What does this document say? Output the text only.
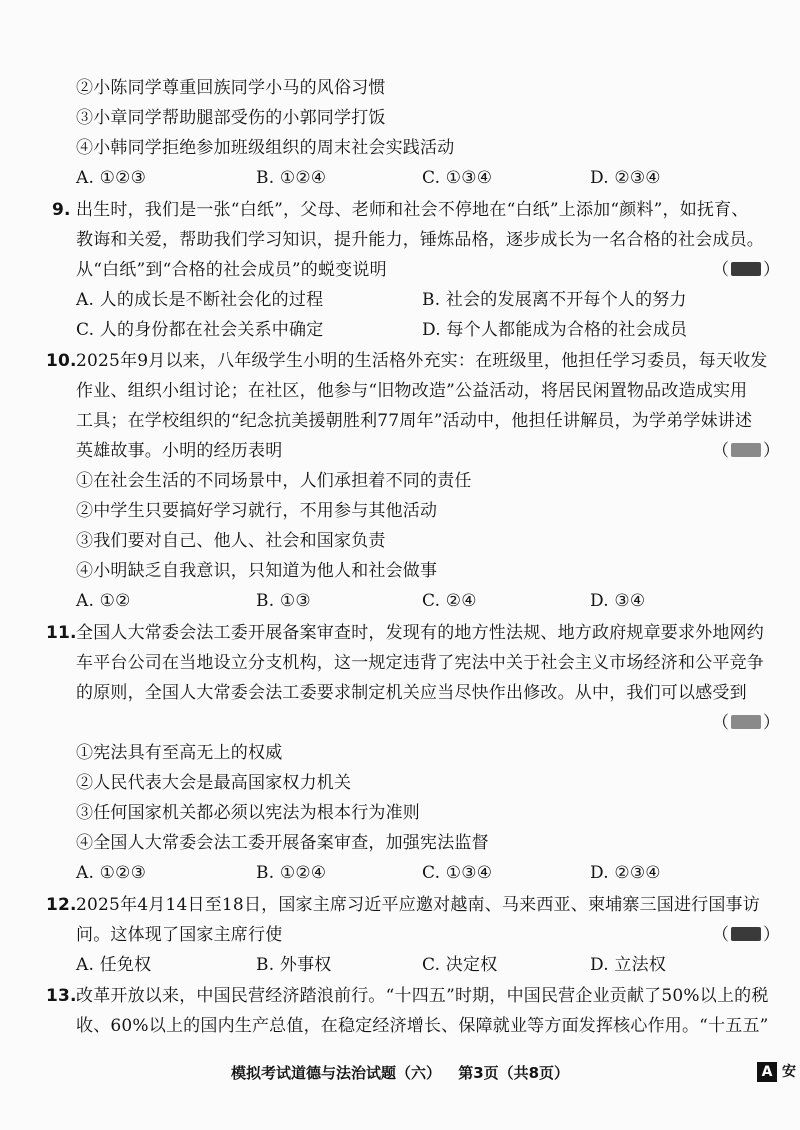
②小陈同学尊重回族同学小马的风俗习惯
③小章同学帮助腿部受伤的小郭同学打饭
④小韩同学拒绝参加班级组织的周末社会实践活动
A. ①②③	B. ①②④	C. ①③④	D. ②③④
9. 出生时，我们是一张“白纸”，父母、老师和社会不停地在“白纸”上添加“颜料”，如抚育、
教诲和关爱，帮助我们学习知识，提升能力，锤炼品格，逐步成长为一名合格的社会成员。
从“白纸”到“合格的社会成员”的蜕变说明	（ ）
A. 人的成长是不断社会化的过程	B. 社会的发展离不开每个人的努力
C. 人的身份都在社会关系中确定	D. 每个人都能成为合格的社会成员
10. 2025年9月以来，八年级学生小明的生活格外充实：在班级里，他担任学习委员，每天收发
作业、组织小组讨论；在社区，他参与“旧物改造”公益活动，将居民闲置物品改造成实用
工具；在学校组织的“纪念抗美援朝胜利77周年”活动中，他担任讲解员，为学弟学妹讲述
英雄故事。小明的经历表明	（ ）
①在社会生活的不同场景中，人们承担着不同的责任
②中学生只要搞好学习就行，不用参与其他活动
③我们要对自己、他人、社会和国家负责
④小明缺乏自我意识，只知道为他人和社会做事
A. ①②	B. ①③	C. ②④	D. ③④
11. 全国人大常委会法工委开展备案审查时，发现有的地方性法规、地方政府规章要求外地网约
车平台公司在当地设立分支机构，这一规定违背了宪法中关于社会主义市场经济和公平竞争
的原则，全国人大常委会法工委要求制定机关应当尽快作出修改。从中，我们可以感受到
（ ）
①宪法具有至高无上的权威
②人民代表大会是最高国家权力机关
③任何国家机关都必须以宪法为根本行为准则
④全国人大常委会法工委开展备案审查，加强宪法监督
A. ①②③	B. ①②④	C. ①③④	D. ②③④
12. 2025年4月14日至18日，国家主席习近平应邀对越南、马来西亚、柬埔寨三国进行国事访
问。这体现了国家主席行使	（ ）
A. 任免权	B. 外事权	C. 决定权	D. 立法权
13. 改革开放以来，中国民营经济踏浪前行。“十四五”时期，中国民营企业贡献了50%以上的税
收、60%以上的国内生产总值，在稳定经济增长、保障就业等方面发挥核心作用。“十五五”
模拟考试道德与法治试题（六） 第3页（共8页）	A 安
